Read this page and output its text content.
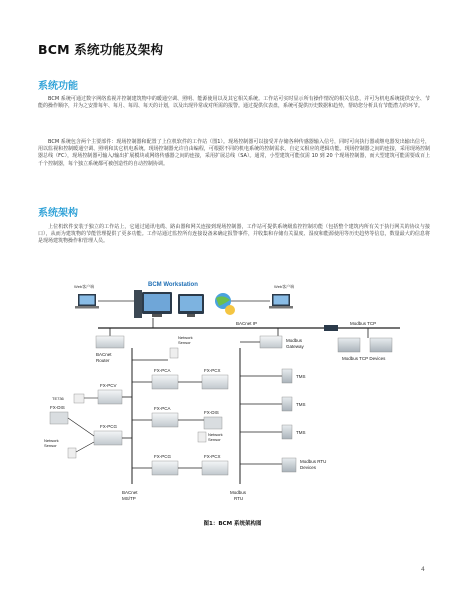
BCM 系统功能及架构
系统功能
BCM 系统可通过数字网络监视并控制建筑物中的暖通空调、照明、能源使用以及其它相关系统。工作站可实时显示所有操作情况的相关信息，并可为机电系统提供安全、节能的操作顺序，并为之安排每年、每月、每周、每天的计划，以及出现异常或对所需的报警。通过提供仪表盘，系统可提供历史数据和趋势，帮助您分析具有节能潜力的环节。
BCM 系统包含两个主要部件：现场控制器和配置了上位机软件的工作站（图1）。现场控制器可以接受并存储各种传感器输入信号，同时可向执行器或继电器发出输出信号，用以监视和控制暖通空调、照明和其它机电系统。现场控制器允许自由编程，可根据不同的机电系统的控制需求，自定义相应的逻辑功能。现场控制器之间的连接，采用现场控制器总线（FC），现场控制器可输入/输出扩展模块或网络传感器之间的连接，采用扩展总线（SA）。通常，小型建筑可能仅需 10 到 20 个现场控制器，而大型建筑可能需要成百上千个控制器，每个独立系统都可被创造性的自动控制协调。
系统架构
上位机软件安装于独立的工作站上，它通过通讯电缆、路由器和网关连接到现场控制器，工作站可提供系统级监控控制功能（包括整个建筑内所有关于执行网关的协议与接口），从而为建筑物的节能管理提供了更多功能。工作站通过监控所有连接设备来确定报警事件，并收集和存储有关温度、湿度和能源使用等历史趋势等信息，数量最大的信息将是现场建筑物操作和管理人员。
BCM Workstation
Web客户端	Web客户端
BACnet IP	Modbus TCP
BACnet
Router
Network
Sensor	Modbus
Gateway
Modbus TCP Devices
FX-PCA	FX-PCX
FX-PCV
TE736
FX-PCA
FX-DIS
Network
Sensor
FX-DIS
FX-PCG
Network
Sensor
FX-PCG	FX-PCX
TMS
TMS
TMS
Modbus RTU
Devices
BACnet
MS/TP
Modbus
RTU
图1：BCM 系统架构图
4
